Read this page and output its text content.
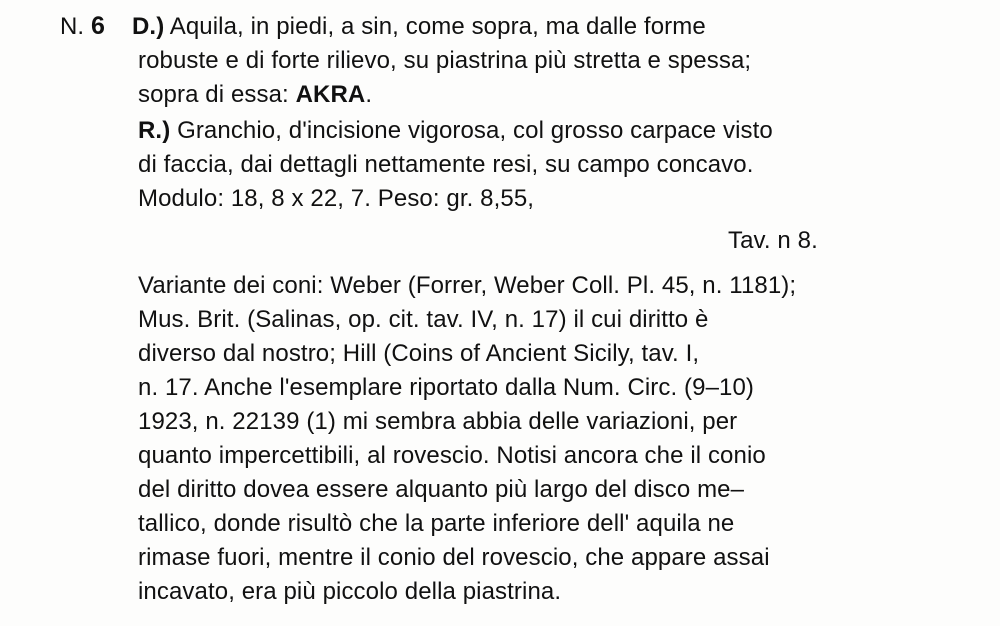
N. 6 D.) Aquila, in piedi, a sin, come sopra, ma dalle forme
robuste e di forte rilievo, su piastrina più stretta e spessa;
sopra di essa: AKRA.
R.) Granchio, d'incisione vigorosa, col grosso carpace visto
di faccia, dai dettagli nettamente resi, su campo concavo.
Modulo: 18, 8 x 22, 7. Peso: gr. 8,55,
Tav. n 8.
Variante dei coni: Weber (Forrer, Weber Coll. Pl. 45, n. 1181);
Mus. Brit. (Salinas, op. cit. tav. IV, n. 17) il cui diritto è
diverso dal nostro; Hill (Coins of Ancient Sicily, tav. I,
n. 17. Anche l'esemplare riportato dalla Num. Circ. (9–10)
1923, n. 22139 (1) mi sembra abbia delle variazioni, per
quanto impercettibili, al rovescio. Notisi ancora che il conio
del diritto dovea essere alquanto più largo del disco me–
tallico, donde risultò che la parte inferiore dell' aquila ne
rimase fuori, mentre il conio del rovescio, che appare assai
incavato, era più piccolo della piastrina.
